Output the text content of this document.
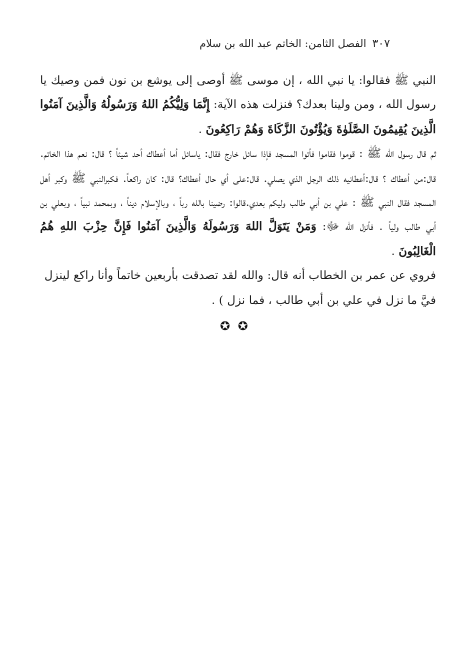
٣٠٧
الفصل الثامن: الخاتم عبد الله بن سلام

النبي ﷺ فقالوا: يا نبي الله ، إن موسى ﷺ أوصى إلى يوشع بن نون فمن وصيك يا رسول الله ، ومن ولينا بعدك؟ فنزلت هذه الآية: إِنَّمَا وَلِيُّكُمُ اللهُ وَرَسُولُهُ وَالَّذِينَ آمَنُوا الَّذِينَ يُقِيمُونَ الصَّلَوٰةَ وَيُؤْتُونَ الزَّكَاةَ وَهُمْ رَاكِعُونَ .

ثم قال رسول الله ﷺ : قوموا فقاموا فأتوا المسجد فإذا سائل خارج فقال: ياسائل أما أعطاك أحد شيئاً ؟ قال: نعم هذا الخاتم. قال:من أعطاك ؟ قال:أعطانيه ذلك الرجل الذي يصلي. قال:على أي حال أعطاك؟ قال: كان راكعاً. فكبرالنبي ﷺ وكبر أهل المسجد فقال النبي ﷺ : علي بن أبي طالب وليكم بعدي.قالوا: رضينا بالله رباً ، وبالإسلام ديناً ، وبمحمد نبياً ، وبعلي بن أبي طالب ولياً . فأنزل الله ﷻ: وَمَنْ يَتَوَلَّ اللهَ وَرَسُولَهُ وَالَّذِينَ آمَنُوا فَإِنَّ حِزْبَ اللهِ هُمُ الْغَالِبُونَ .

فروي عن عمر بن الخطاب أنه قال: والله لقد تصدقت بأربعين خاتماً وأنا راكع لينزل فيَّ ما نزل في علي بن أبي طالب ، فما نزل ) .

✪ ✪
